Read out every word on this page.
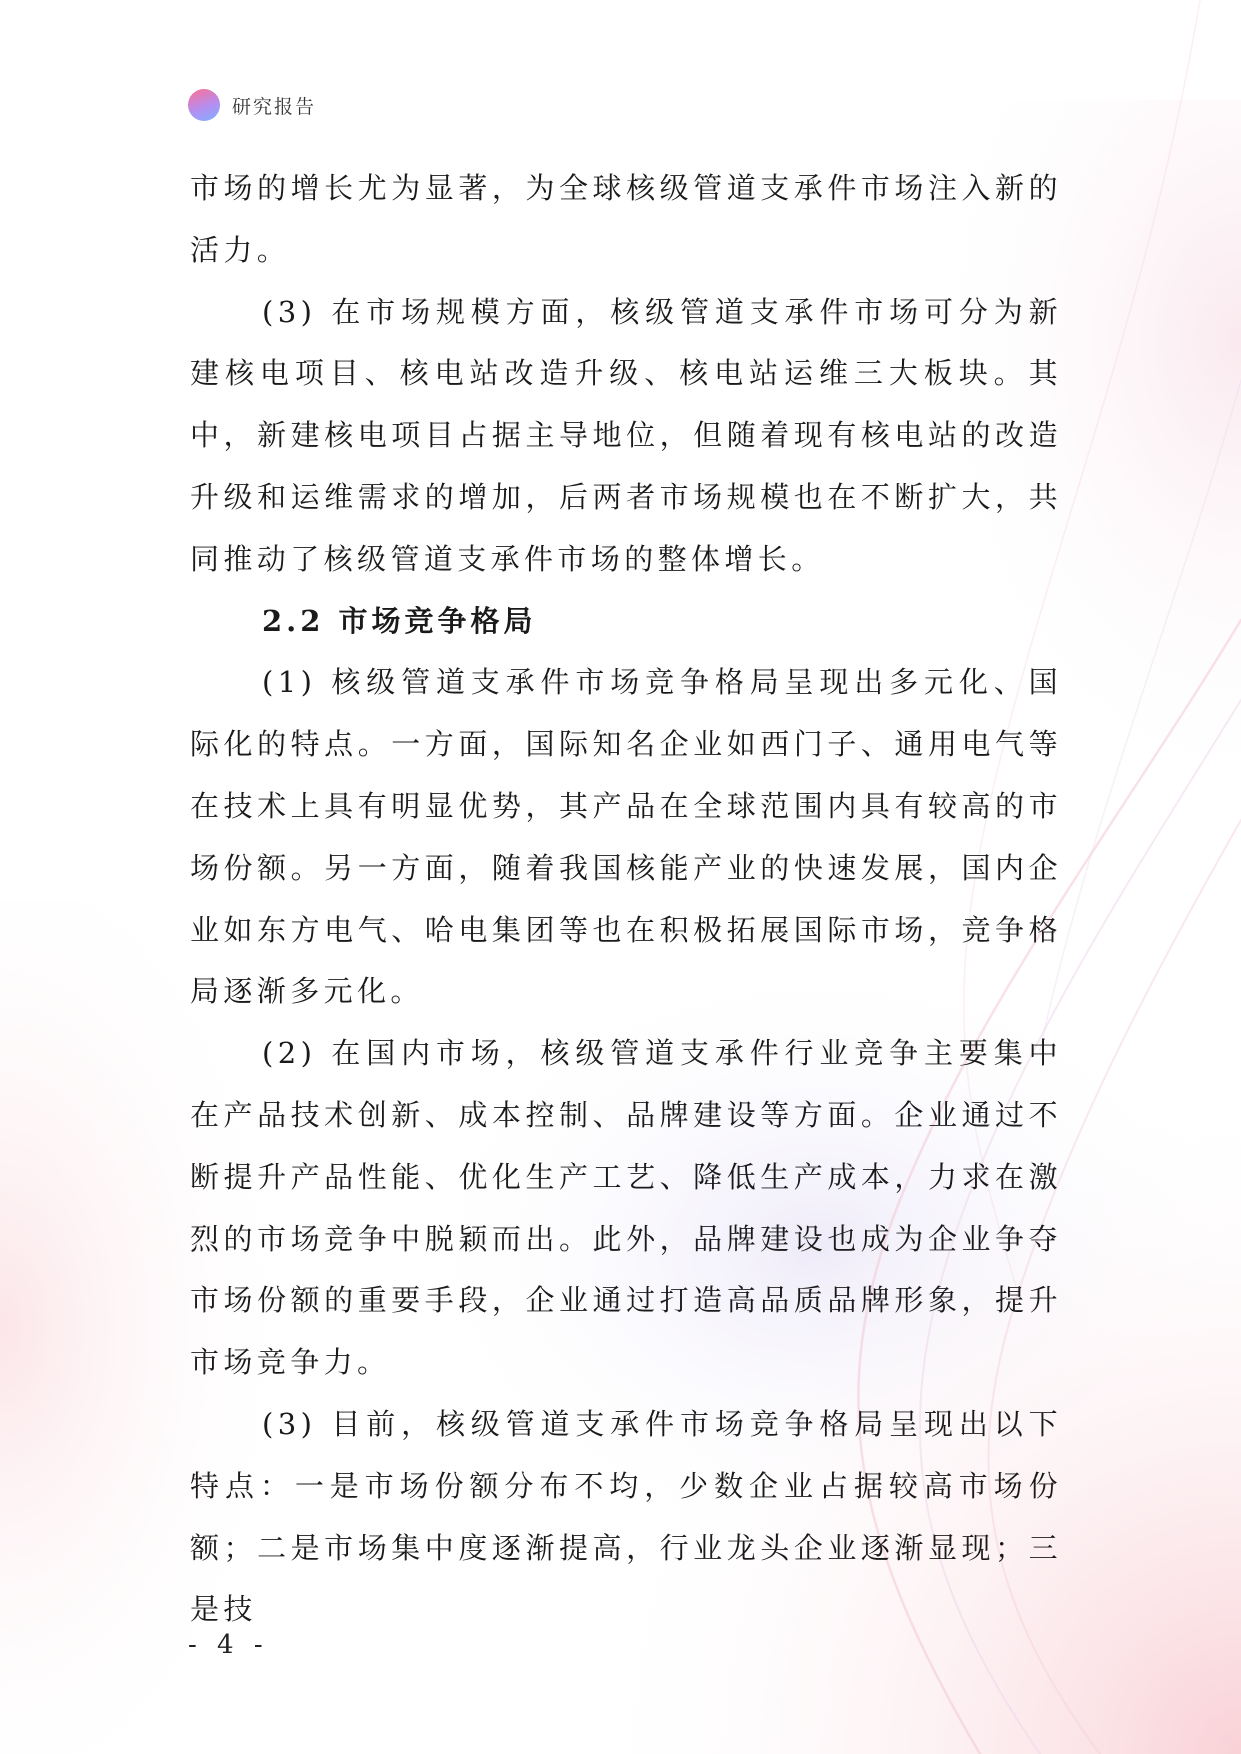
研究报告

市场的增长尤为显著，为全球核级管道支承件市场注入新的活力。

(3) 在市场规模方面，核级管道支承件市场可分为新建核电项目、核电站改造升级、核电站运维三大板块。其中，新建核电项目占据主导地位，但随着现有核电站的改造升级和运维需求的增加，后两者市场规模也在不断扩大，共同推动了核级管道支承件市场的整体增长。

2.2 市场竞争格局

(1) 核级管道支承件市场竞争格局呈现出多元化、国际化的特点。一方面，国际知名企业如西门子、通用电气等在技术上具有明显优势，其产品在全球范围内具有较高的市场份额。另一方面，随着我国核能产业的快速发展，国内企业如东方电气、哈电集团等也在积极拓展国际市场，竞争格局逐渐多元化。

(2) 在国内市场，核级管道支承件行业竞争主要集中在产品技术创新、成本控制、品牌建设等方面。企业通过不断提升产品性能、优化生产工艺、降低生产成本，力求在激烈的市场竞争中脱颖而出。此外，品牌建设也成为企业争夺市场份额的重要手段，企业通过打造高品质品牌形象，提升市场竞争力。

(3) 目前，核级管道支承件市场竞争格局呈现出以下特点：一是市场份额分布不均，少数企业占据较高市场份额；二是市场集中度逐渐提高，行业龙头企业逐渐显现；三是技

- 4 -
